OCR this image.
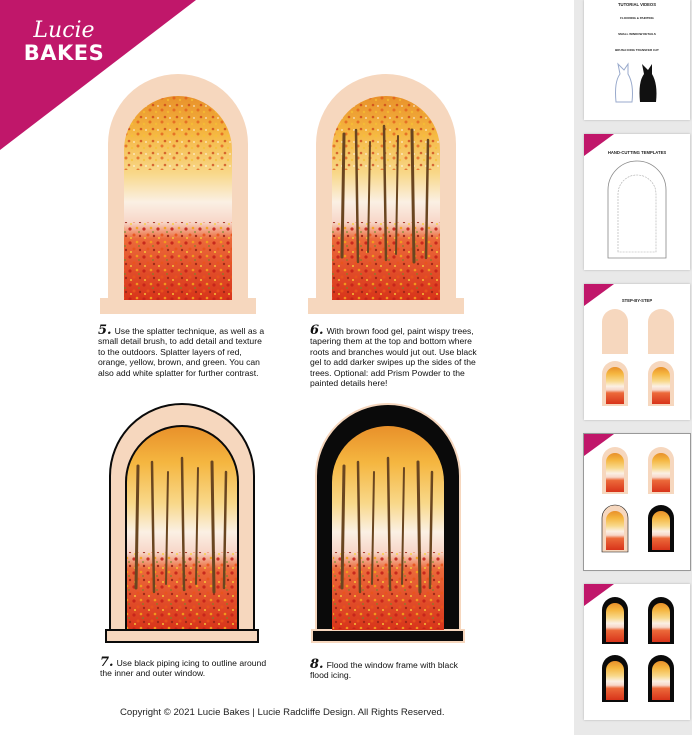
Lucie
BAKES
5. Use the splatter technique, as well as a small detail brush, to add detail and texture to the outdoors. Splatter layers of red, orange, yellow, brown, and green. You can also add white splatter for further contrast.
6. With brown food gel, paint wispy trees, tapering them at the top and bottom where roots and branches would jut out. Use black gel to add darker swipes up the sides of the trees. Optional: add Prism Powder to the painted details here!
7. Use black piping icing to outline around the inner and outer window.
8. Flood the window frame with black flood icing.
Copyright © 2021 Lucie Bakes | Lucie Radcliffe Design. All Rights Reserved.
TUTORIAL VIDEOS
FLOODING & PAINTING
SMALL WINDOW DETAILS
BRUSH ICING TRANSFER CAT
HAND-CUTTING TEMPLATES
STEP-BY-STEP
